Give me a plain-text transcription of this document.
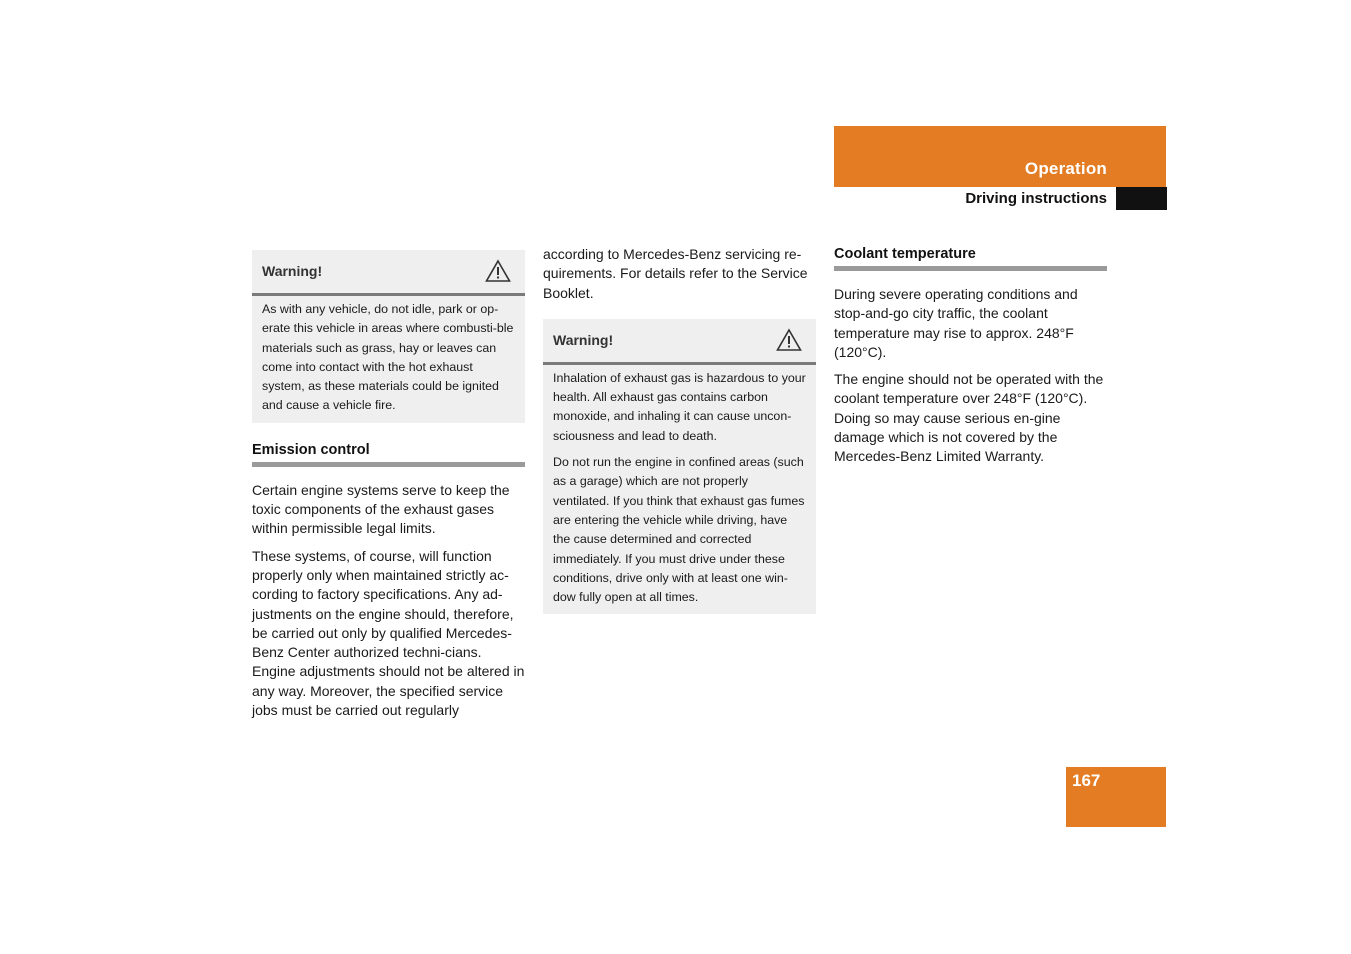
Operation
Driving instructions
Warning!

As with any vehicle, do not idle, park or op-erate this vehicle in areas where combusti-ble materials such as grass, hay or leaves can come into contact with the hot exhaust system, as these materials could be ignited and cause a vehicle fire.

Emission control

Certain engine systems serve to keep the toxic components of the exhaust gases within permissible legal limits.

These systems, of course, will function properly only when maintained strictly ac-cording to factory specifications. Any ad-justments on the engine should, therefore, be carried out only by qualified Mercedes-Benz Center authorized techni-cians. Engine adjustments should not be altered in any way. Moreover, the specified service jobs must be carried out regularly

according to Mercedes-Benz servicing re-quirements. For details refer to the Service Booklet.

Warning!

Inhalation of exhaust gas is hazardous to your health. All exhaust gas contains carbon monoxide, and inhaling it can cause uncon-sciousness and lead to death.

Do not run the engine in confined areas (such as a garage) which are not properly ventilated. If you think that exhaust gas fumes are entering the vehicle while driving, have the cause determined and corrected immediately. If you must drive under these conditions, drive only with at least one win-dow fully open at all times.

Coolant temperature

During severe operating conditions and stop-and-go city traffic, the coolant temperature may rise to approx. 248°F (120°C).

The engine should not be operated with the coolant temperature over 248°F (120°C). Doing so may cause serious en-gine damage which is not covered by the Mercedes-Benz Limited Warranty.

167
